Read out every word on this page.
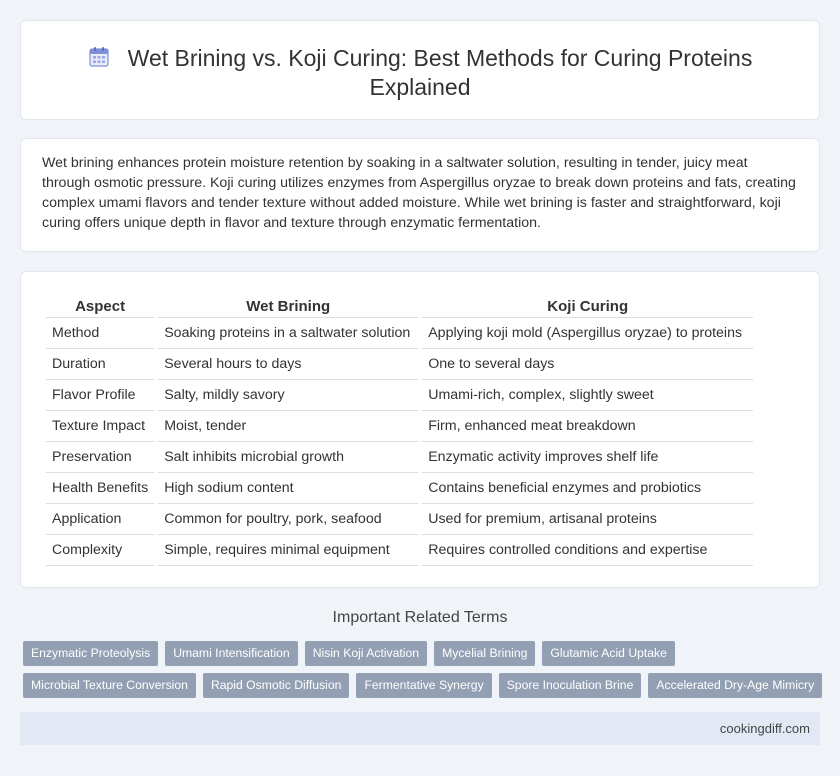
Wet Brining vs. Koji Curing: Best Methods for Curing Proteins Explained

Wet brining enhances protein moisture retention by soaking in a saltwater solution, resulting in tender, juicy meat through osmotic pressure. Koji curing utilizes enzymes from Aspergillus oryzae to break down proteins and fats, creating complex umami flavors and tender texture without added moisture. While wet brining is faster and straightforward, koji curing offers unique depth in flavor and texture through enzymatic fermentation.

Aspect	Wet Brining	Koji Curing
Method	Soaking proteins in a saltwater solution	Applying koji mold (Aspergillus oryzae) to proteins
Duration	Several hours to days	One to several days
Flavor Profile	Salty, mildly savory	Umami-rich, complex, slightly sweet
Texture Impact	Moist, tender	Firm, enhanced meat breakdown
Preservation	Salt inhibits microbial growth	Enzymatic activity improves shelf life
Health Benefits	High sodium content	Contains beneficial enzymes and probiotics
Application	Common for poultry, pork, seafood	Used for premium, artisanal proteins
Complexity	Simple, requires minimal equipment	Requires controlled conditions and expertise
Important Related Terms
Enzymatic Proteolysis	Umami Intensification	Nisin Koji Activation	Mycelial Brining	Glutamic Acid Uptake
Microbial Texture Conversion	Rapid Osmotic Diffusion	Fermentative Synergy	Spore Inoculation Brine	Accelerated Dry-Age Mimicry
cookingdiff.com
